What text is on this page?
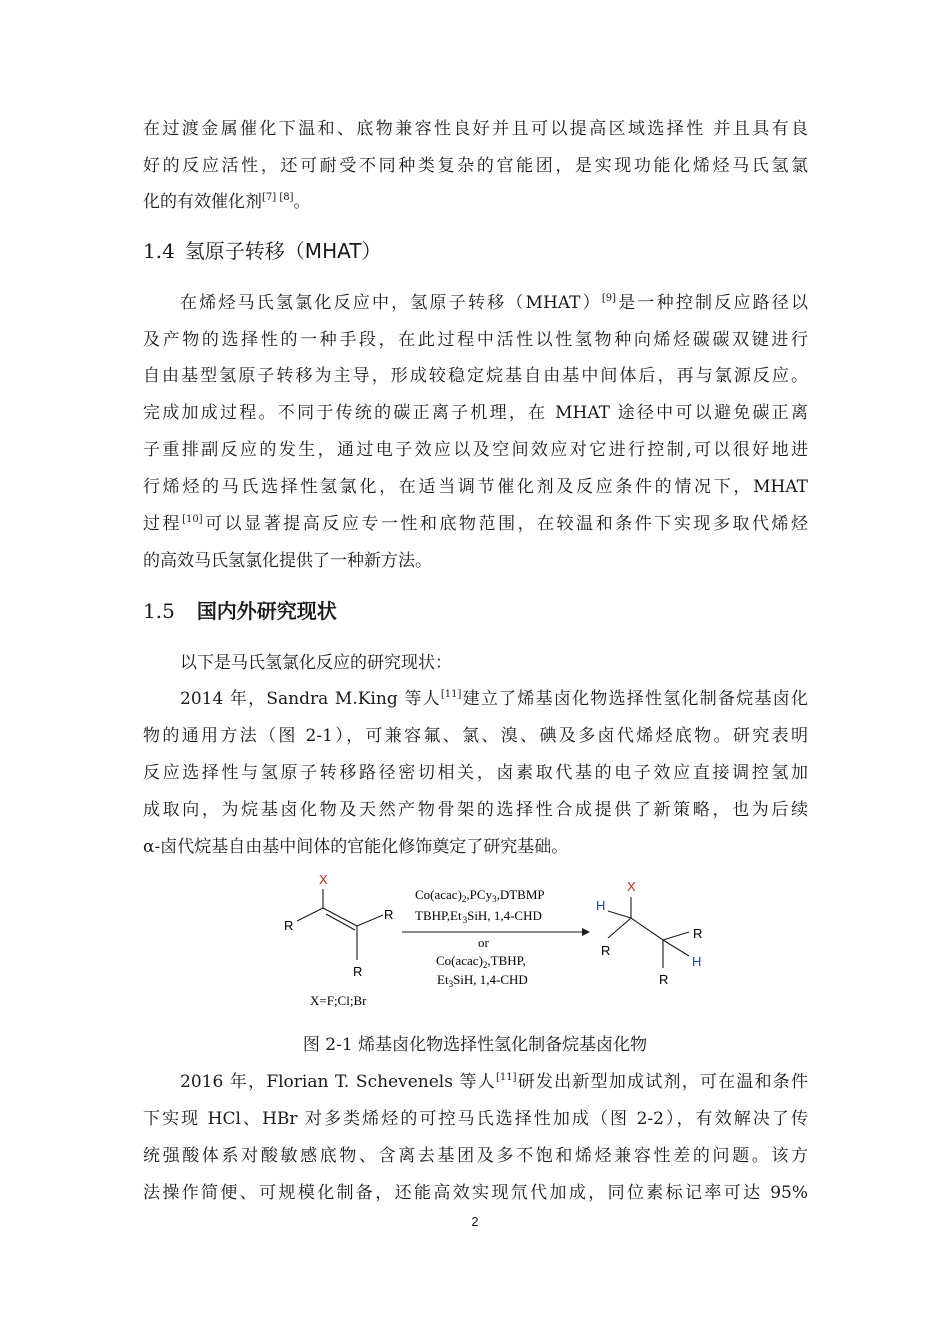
在过渡金属催化下温和、底物兼容性良好并且可以提高区域选择性 并且具有良
好的反应活性，还可耐受不同种类复杂的官能团，是实现功能化烯烃马氏氢氯
化的有效催化剂[7] [8]。
1.4 氢原子转移（MHAT）
在烯烃马氏氢氯化反应中，氢原子转移（MHAT）[9]是一种控制反应路径以
及产物的选择性的一种手段，在此过程中活性以性氢物种向烯烃碳碳双键进行
自由基型氢原子转移为主导，形成较稳定烷基自由基中间体后，再与氯源反应。
完成加成过程。不同于传统的碳正离子机理，在 MHAT 途径中可以避免碳正离
子重排副反应的发生，通过电子效应以及空间效应对它进行控制,可以很好地进
行烯烃的马氏选择性氢氯化，在适当调节催化剂及反应条件的情况下，MHAT
过程[10]可以显著提高反应专一性和底物范围，在较温和条件下实现多取代烯烃
的高效马氏氢氯化提供了一种新方法。
1.5 国内外研究现状
以下是马氏氢氯化反应的研究现状：
2014 年，Sandra M.King 等人[11]建立了烯基卤化物选择性氢化制备烷基卤化
物的通用方法（图 2-1），可兼容氟、氯、溴、碘及多卤代烯烃底物。研究表明
反应选择性与氢原子转移路径密切相关，卤素取代基的电子效应直接调控氢加
成取向，为烷基卤化物及天然产物骨架的选择性合成提供了新策略，也为后续
α-卤代烷基自由基中间体的官能化修饰奠定了研究基础。
X
R
R
R
X=F;Cl;Br
$Co(acac)_2,PCy_3,DTBMP$
$TBHP,Et_3SiH$, 1,4-CHD
or
$Co(acac)_2,TBHP$,
$Et_3SiH$, 1,4-CHD
X
H
R
R
H
R
图 2-1 烯基卤化物选择性氢化制备烷基卤化物
2016 年，Florian T. Schevenels 等人[11]研发出新型加成试剂，可在温和条件
下实现 HCl、HBr 对多类烯烃的可控马氏选择性加成（图 2-2），有效解决了传
统强酸体系对酸敏感底物、含离去基团及多不饱和烯烃兼容性差的问题。该方
法操作简便、可规模化制备，还能高效实现氘代加成，同位素标记率可达 95%
2
